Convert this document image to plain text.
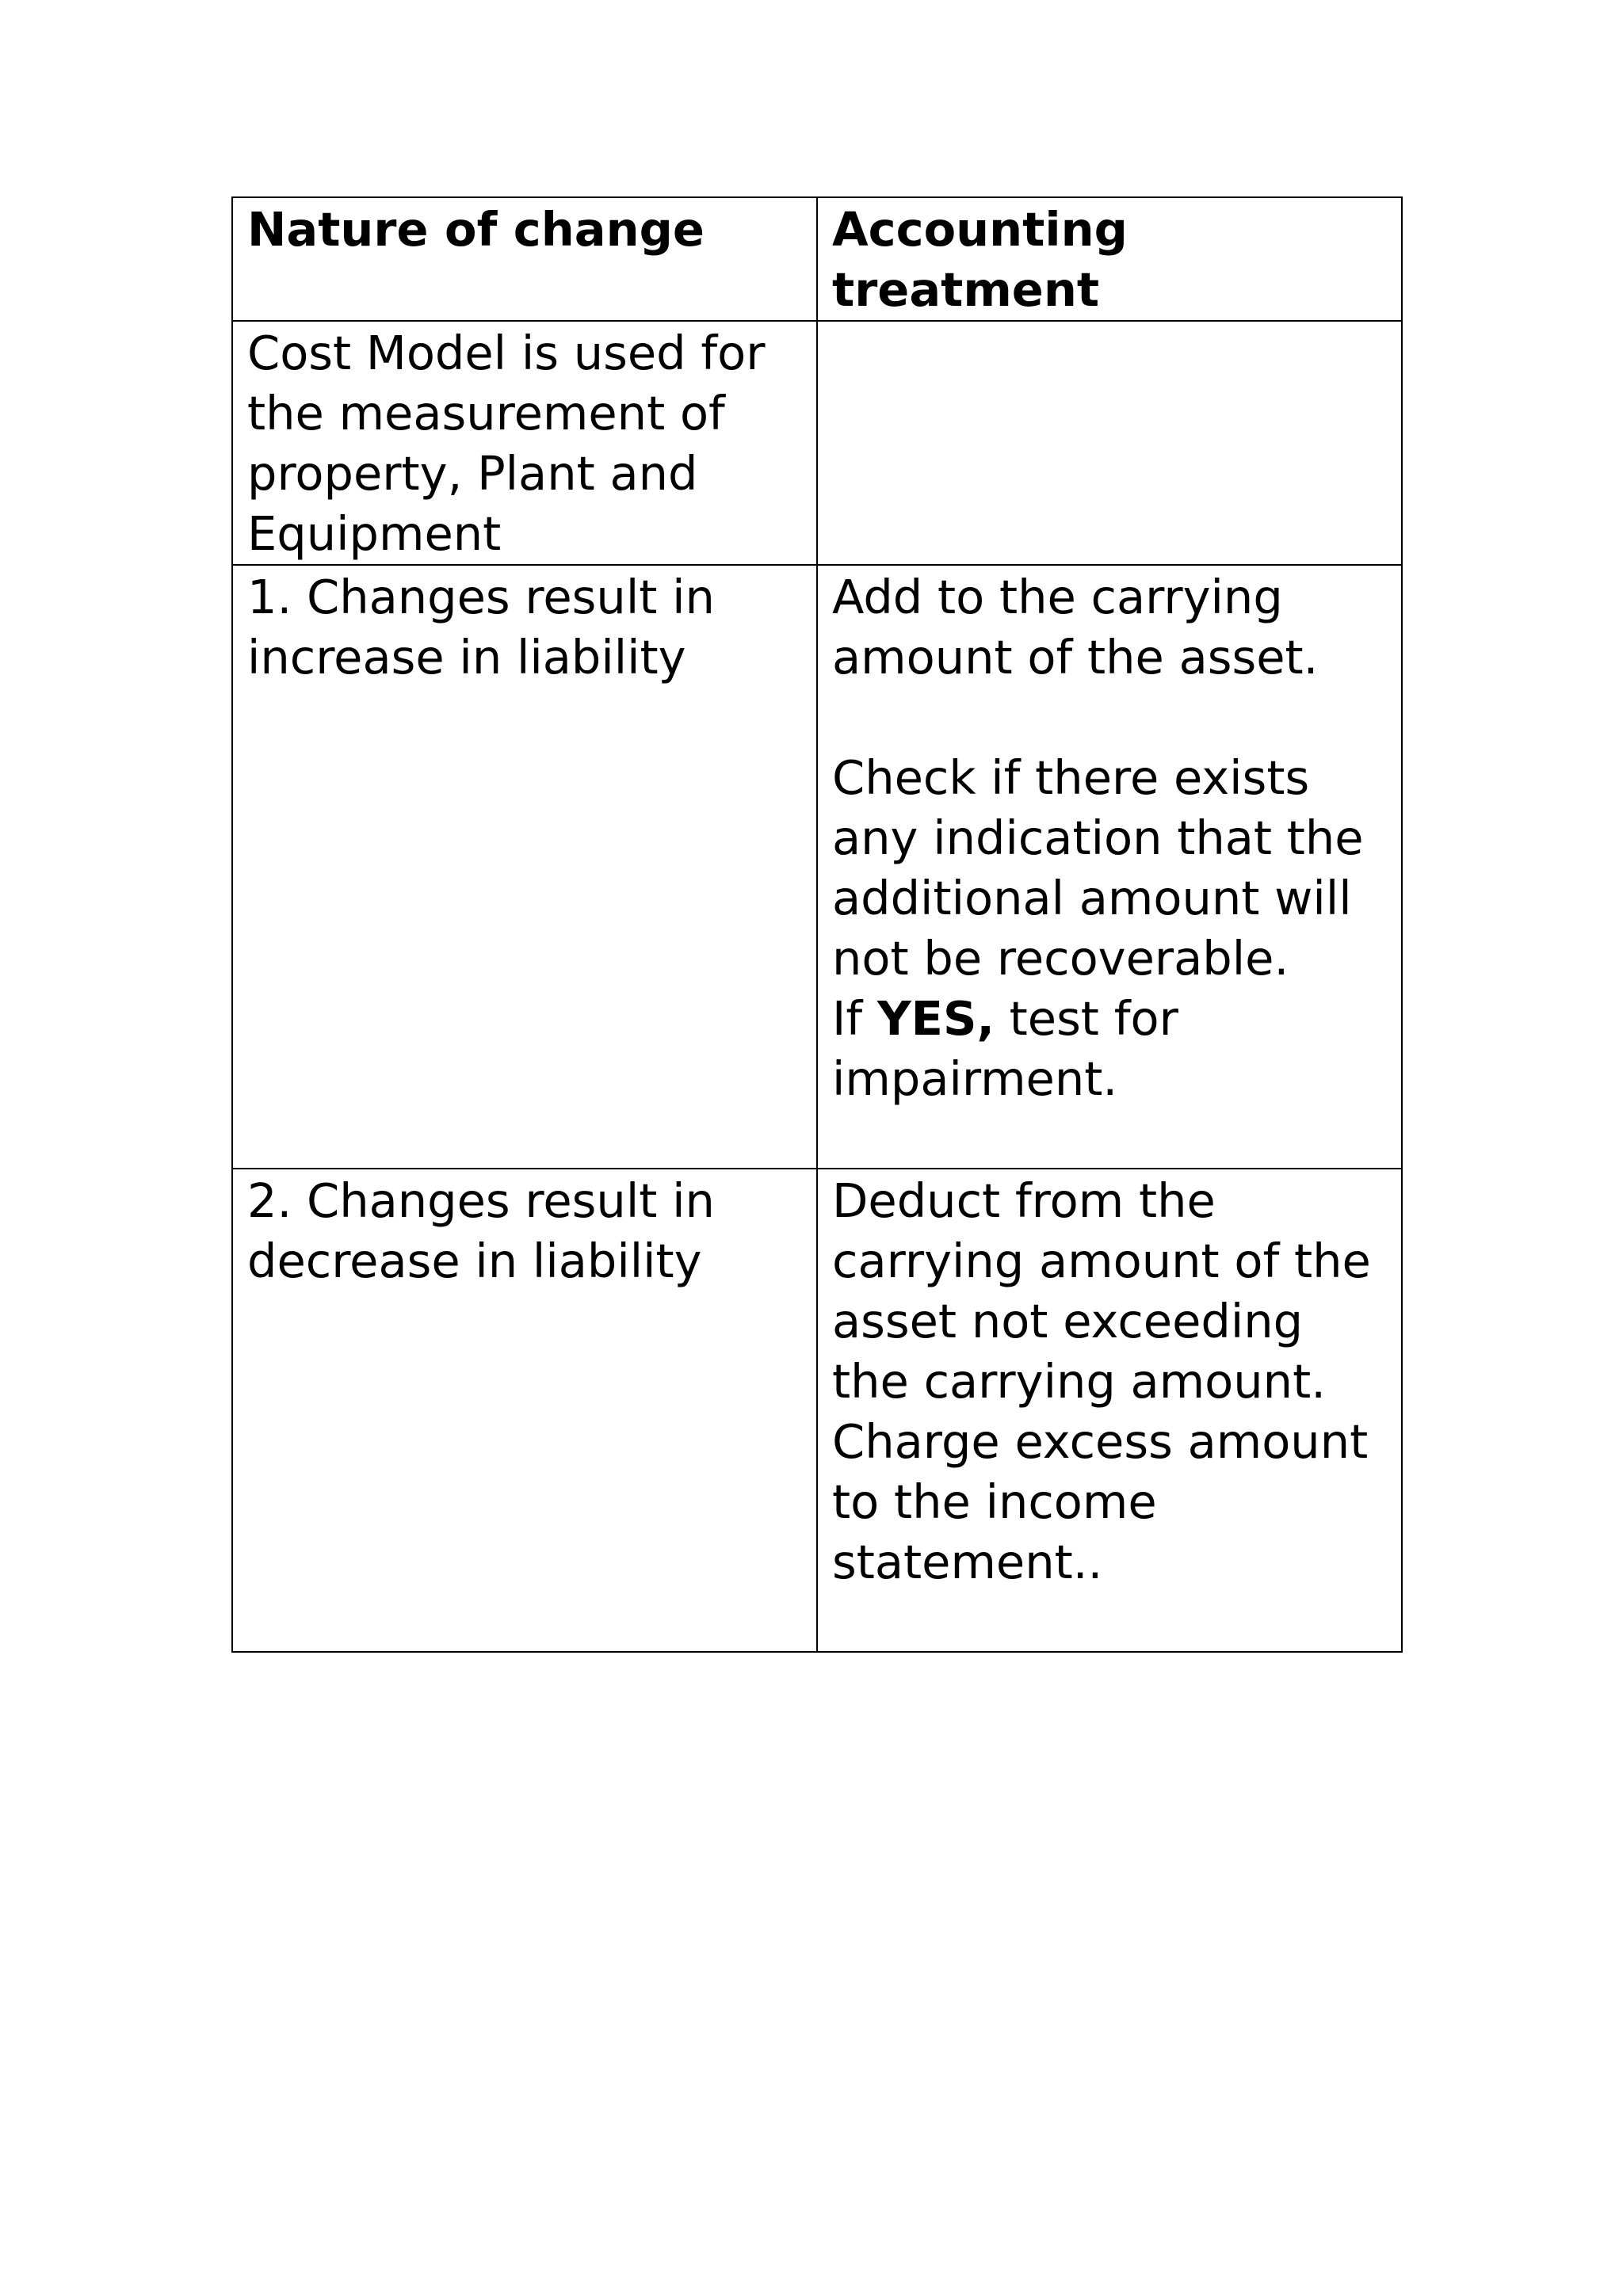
Nature of change	Accounting treatment

Cost Model is used for the measurement of property, Plant and Equipment	

1. Changes result in increase in liability	Add to the carrying amount of the asset.
Check if there exists any indication that the additional amount will not be recoverable.
If YES, test for impairment.

2. Changes result in decrease in liability	Deduct from the carrying amount of the asset not exceeding the carrying amount.
Charge excess amount to the income statement..
